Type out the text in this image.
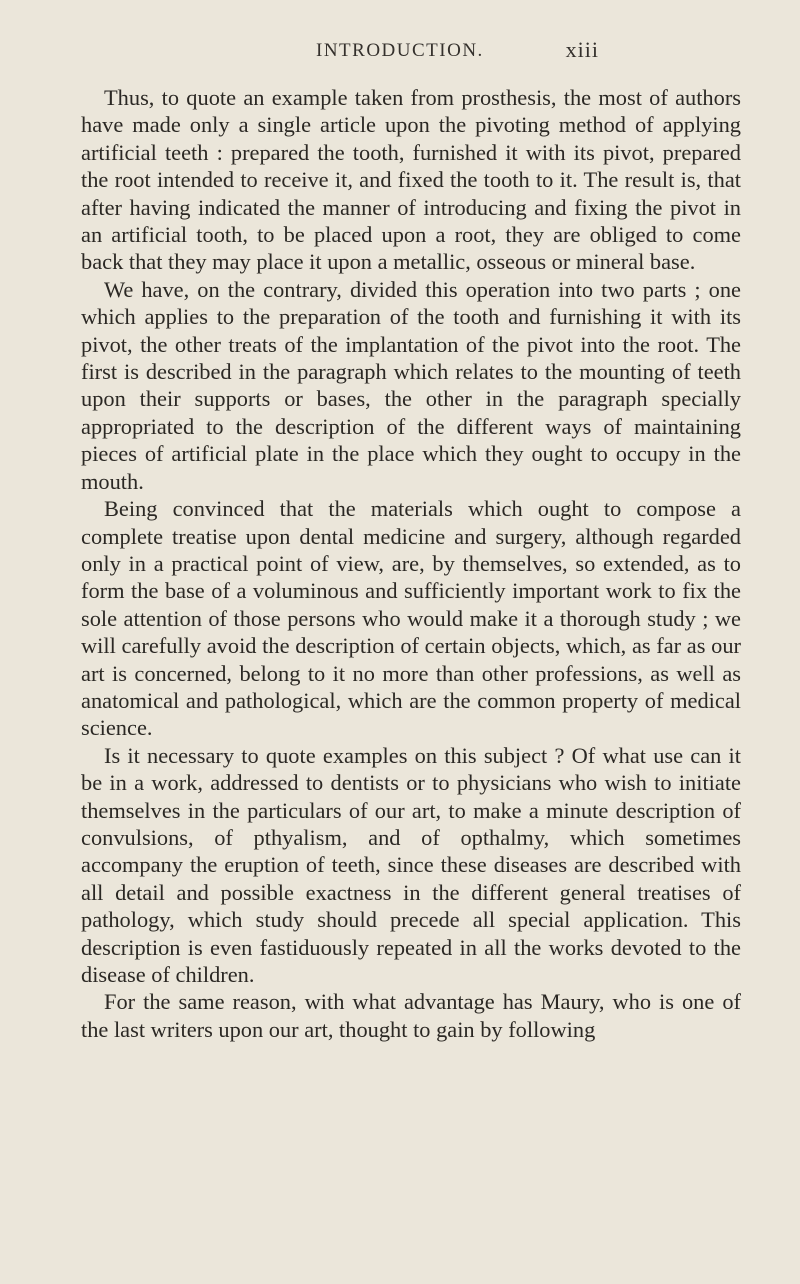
INTRODUCTION.	xiii

Thus, to quote an example taken from prosthesis, the most of authors have made only a single article upon the pivoting method of applying artificial teeth : prepared the tooth, furnished it with its pivot, prepared the root intended to receive it, and fixed the tooth to it. The result is, that after having indicated the manner of introducing and fixing the pivot in an artificial tooth, to be placed upon a root, they are obliged to come back that they may place it upon a metallic, osseous or mineral base.

We have, on the contrary, divided this operation into two parts ; one which applies to the preparation of the tooth and furnishing it with its pivot, the other treats of the implantation of the pivot into the root. The first is described in the paragraph which relates to the mounting of teeth upon their supports or bases, the other in the paragraph specially appropriated to the description of the different ways of maintaining pieces of artificial plate in the place which they ought to occupy in the mouth.

Being convinced that the materials which ought to compose a complete treatise upon dental medicine and surgery, although regarded only in a practical point of view, are, by themselves, so extended, as to form the base of a voluminous and sufficiently important work to fix the sole attention of those persons who would make it a thorough study ; we will carefully avoid the description of certain objects, which, as far as our art is concerned, belong to it no more than other professions, as well as anatomical and pathological, which are the common property of medical science.

Is it necessary to quote examples on this subject ? Of what use can it be in a work, addressed to dentists or to physicians who wish to initiate themselves in the particulars of our art, to make a minute description of convulsions, of pthyalism, and of opthalmy, which sometimes accompany the eruption of teeth, since these diseases are described with all detail and possible exactness in the different general treatises of pathology, which study should precede all special application. This description is even fastiduously repeated in all the works devoted to the disease of children.

For the same reason, with what advantage has Maury, who is one of the last writers upon our art, thought to gain by following
